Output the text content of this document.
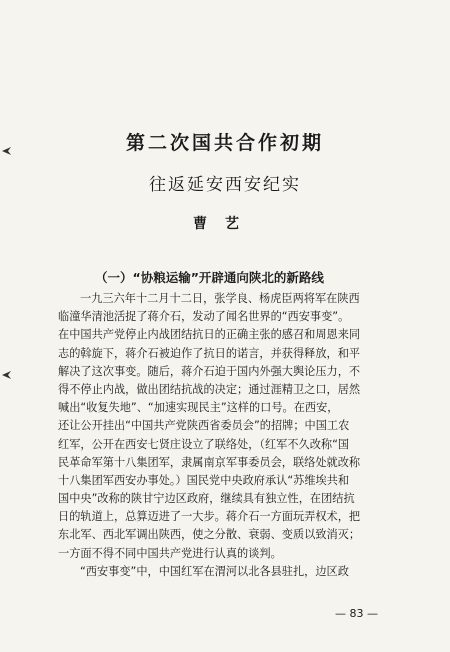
第二次国共合作初期
往返延安西安纪实
曹艺
（一）“协粮运输”开辟通向陕北的新路线
一九三六年十二月十二日，张学良、杨虎臣两将军在陕西
临潼华清池活捉了蒋介石，发动了闻名世界的“西安事变”。
在中国共产党停止内战团结抗日的正确主张的感召和周恩来同
志的斡旋下，蒋介石被迫作了抗日的诺言，并获得释放，和平
解决了这次事变。随后，蒋介石迫于国内外强大舆论压力，不
得不停止内战，做出团结抗战的决定；通过涯精卫之口，居然
喊出“收复失地”、“加速实现民主”这样的口号。在西安，
还让公开挂出“中国共产党陕西省委员会”的招牌；中国工农
红军，公开在西安七贤庄设立了联络处，（红军不久改称“国
民革命军第十八集团军，隶属南京军事委员会，联络处就改称
十八集团军西安办事处。）国民党中央政府承认“苏维埃共和
国中央”改称的陕甘宁边区政府，继续具有独立性，在团结抗
日的轨道上，总算迈进了一大步。蒋介石一方面玩弄权术，把
东北军、西北军调出陕西，使之分散、衰弱、变质以致消灭；
一方面不得不同中国共产党进行认真的谈判。
“西安事变”中，中国红军在渭河以北各县驻扎，边区政
— 83 —
